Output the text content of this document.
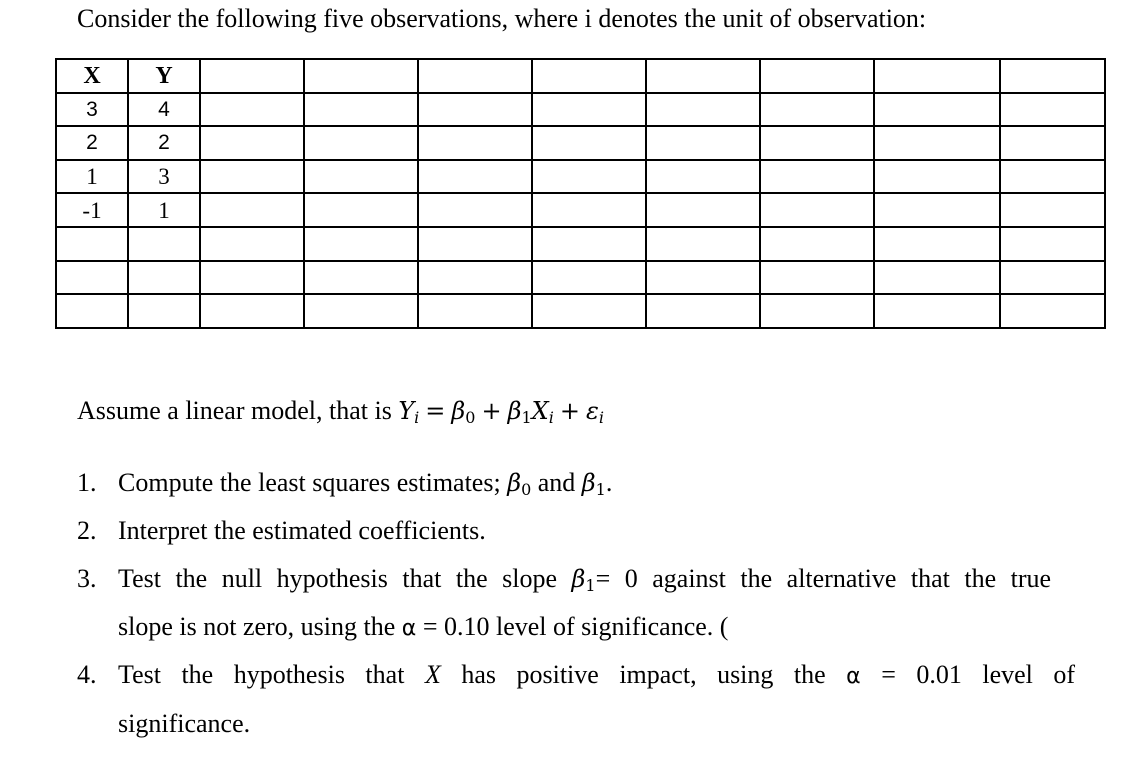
Consider the following five observations, where i denotes the unit of observation:
X	Y								
3	4								
2	2								
1	3								
-1	1								

Assume a linear model, that is $Y_i = \beta_0 + \beta_1X_i + \varepsilon_i$
1. Compute the least squares estimates; $\beta_0$ and $\beta_1$.
2. Interpret the estimated coefficients.
3. Test the null hypothesis that the slope $\beta_1= 0$ against the alternative that the true
slope is not zero, using the α = 0.10 level of significance. (
4. Test the hypothesis that X has positive impact, using the α = 0.01 level of
significance.
